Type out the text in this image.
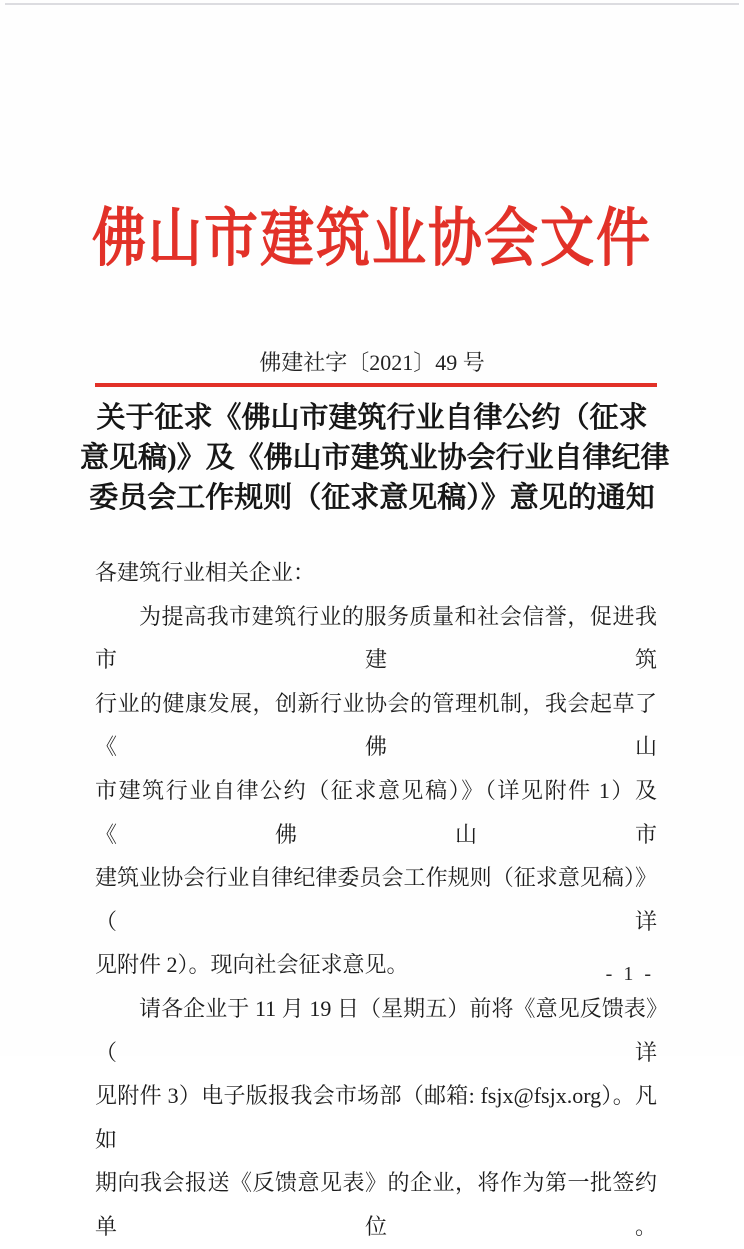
佛山市建筑业协会文件
佛建社字〔2021〕49 号
关于征求《佛山市建筑行业自律公约（征求
意见稿)》及《佛山市建筑业协会行业自律纪律
委员会工作规则（征求意见稿）》意见的通知
各建筑行业相关企业：
为提高我市建筑行业的服务质量和社会信誉，促进我市建筑
行业的健康发展，创新行业协会的管理机制，我会起草了《佛山
市建筑行业自律公约（征求意见稿）》（详见附件 1）及《佛山市
建筑业协会行业自律纪律委员会工作规则（征求意见稿）》（详
见附件 2）。现向社会征求意见。
请各企业于 11 月 19 日（星期五）前将《意见反馈表》（详
见附件 3）电子版报我会市场部（邮箱: fsjx@fsjx.org）。凡如
期向我会报送《反馈意见表》的企业，将作为第一批签约单位。
- 1 -
